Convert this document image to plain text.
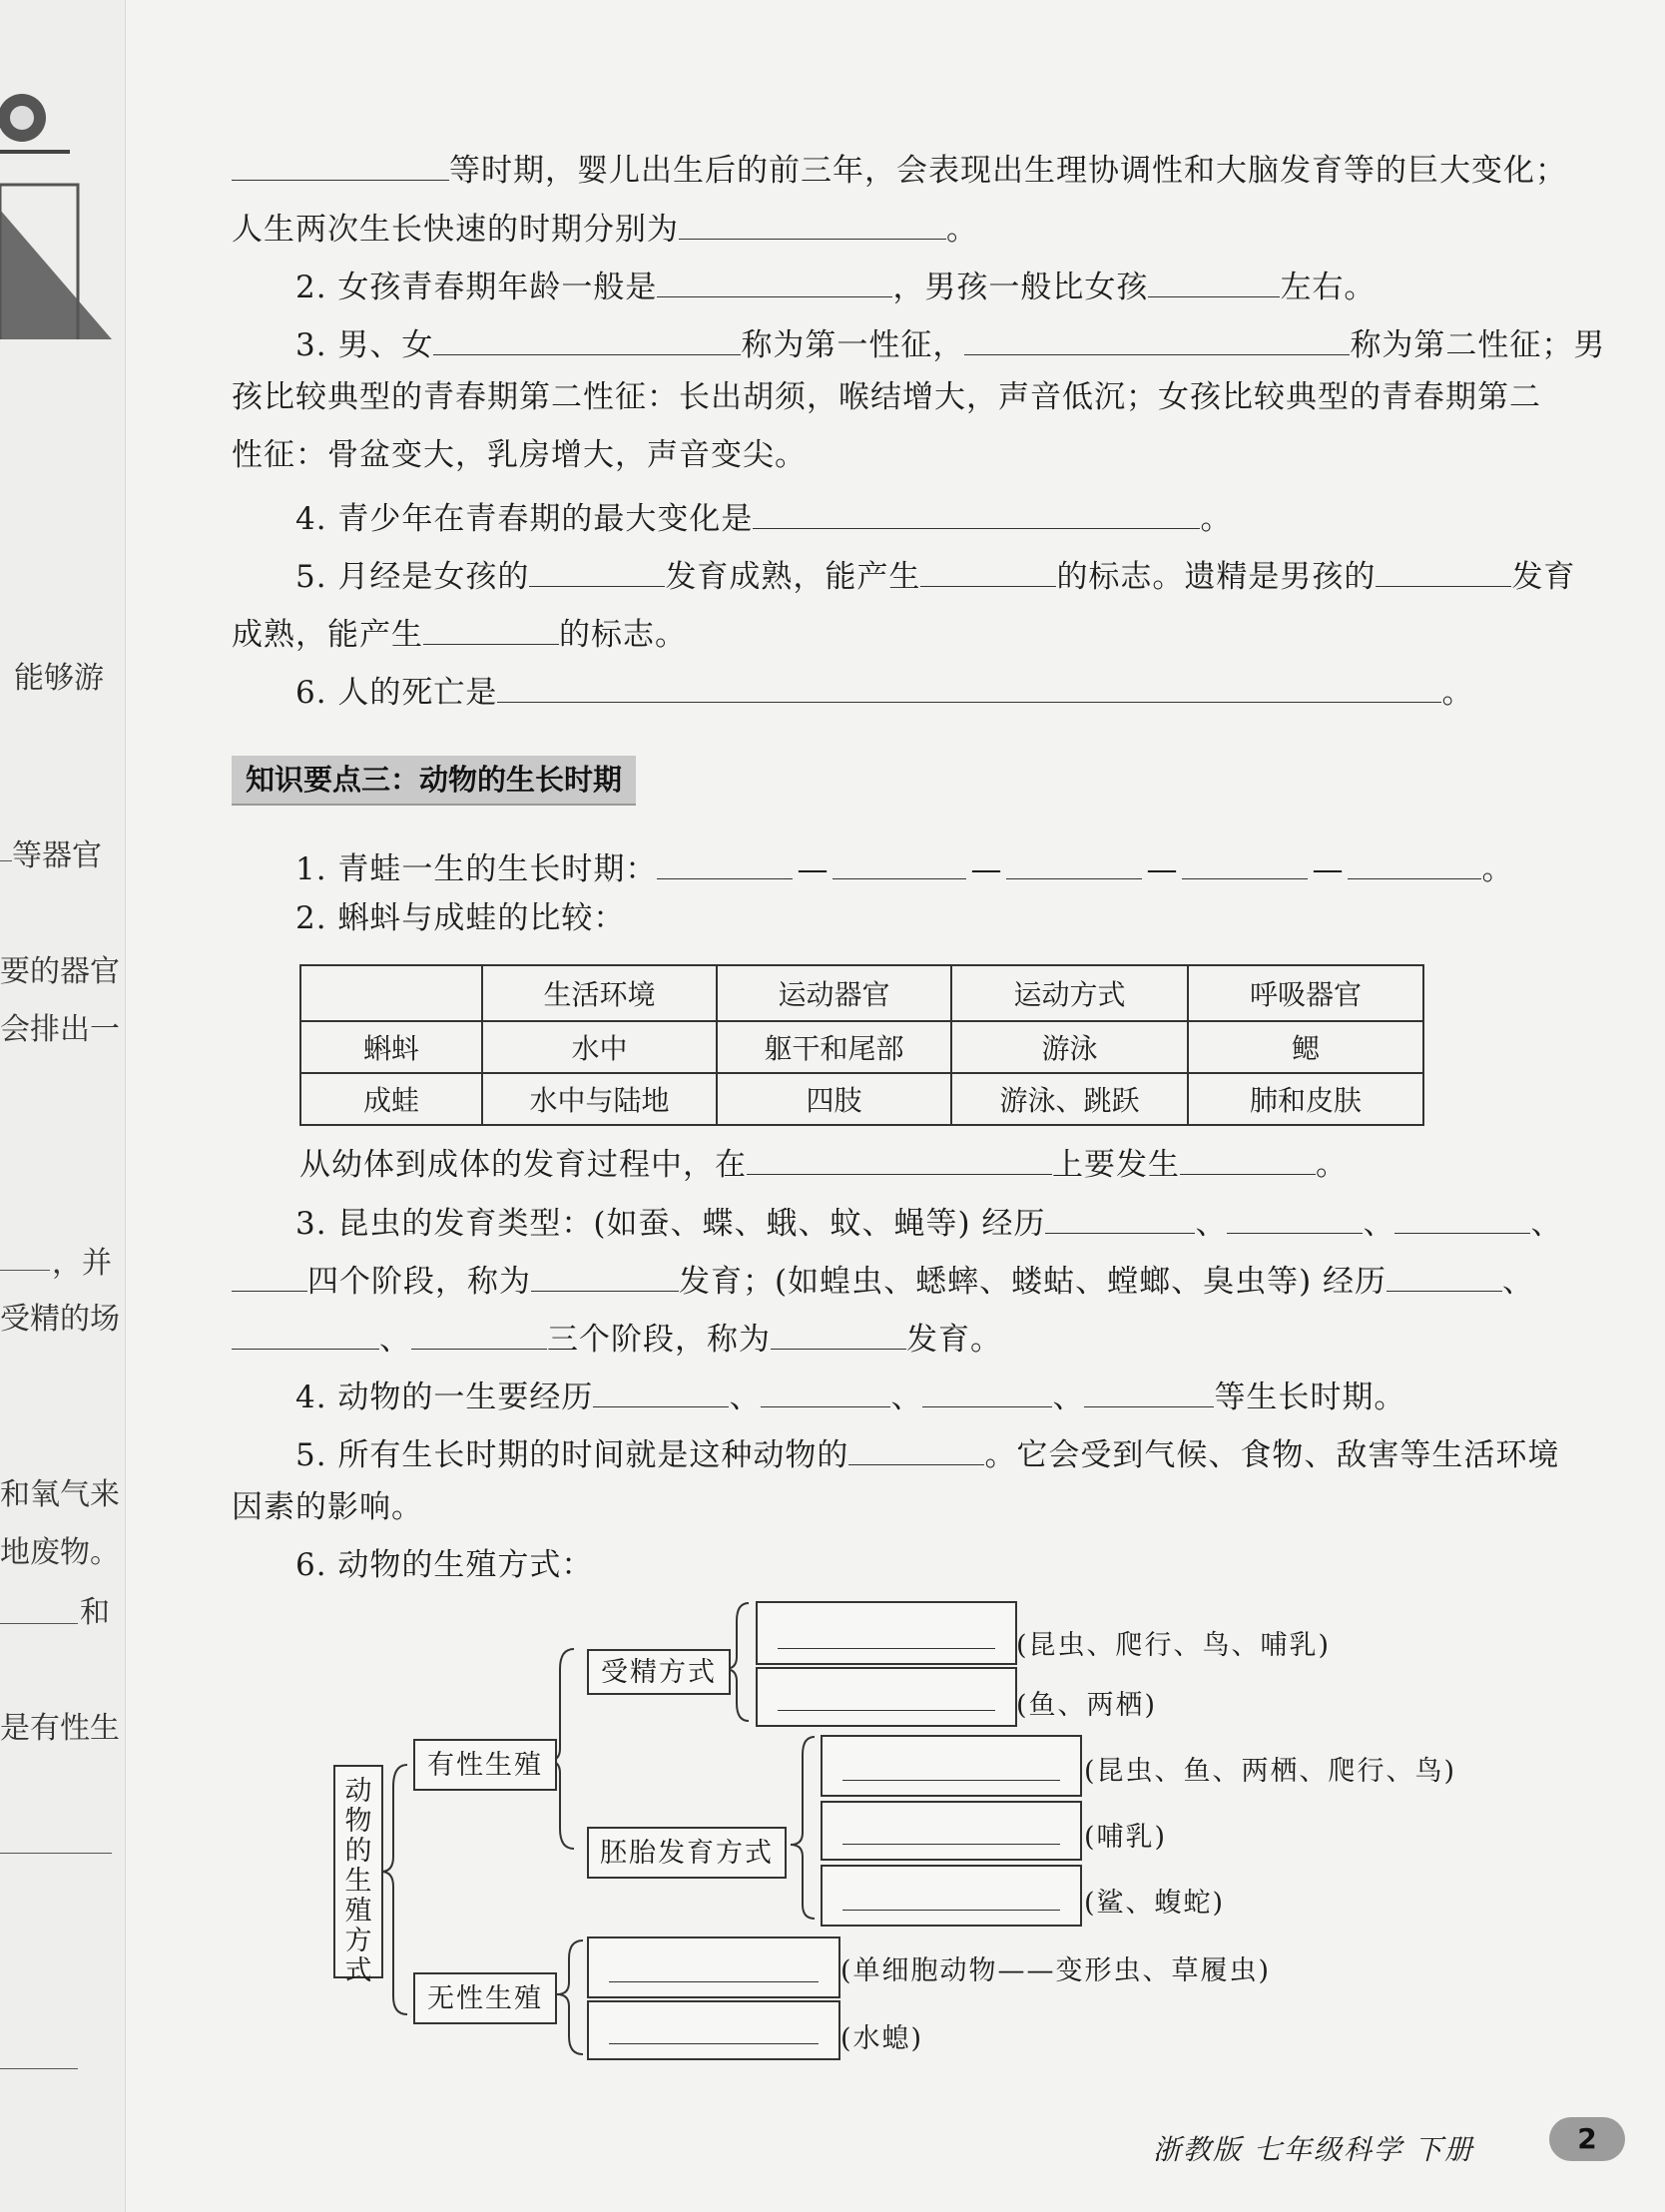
能够游
等器官
要的器官
会排出一
，并
受精的场
和氧气来
地废物。
和
是有性生
等时期，婴儿出生后的前三年，会表现出生理协调性和大脑发育等的巨大变化；
人生两次生长快速的时期分别为	。
2. 女孩青春期年龄一般是	，男孩一般比女孩	左右。
3. 男、女	称为第一性征，	称为第二性征；男
孩比较典型的青春期第二性征：长出胡须，喉结增大，声音低沉；女孩比较典型的青春期第二
性征：骨盆变大，乳房增大，声音变尖。
4. 青少年在青春期的最大变化是	。
5. 月经是女孩的	发育成熟，能产生	的标志。遗精是男孩的	发育
成熟，能产生	的标志。
6. 人的死亡是	。
知识要点三：动物的生长时期
1. 青蛙一生的生长时期：	—	—	—	—	。
2. 蝌蚪与成蛙的比较：
	生活环境	运动器官	运动方式	呼吸器官
蝌蚪	水中	躯干和尾部	游泳	鳃
成蛙	水中与陆地	四肢	游泳、跳跃	肺和皮肤
从幼体到成体的发育过程中，在	上要发生	。
3. 昆虫的发育类型：(如蚕、蝶、蛾、蚊、蝇等) 经历	、	、	、
四个阶段，称为	发育；(如蝗虫、蟋蟀、蝼蛄、螳螂、臭虫等) 经历	、
、	三个阶段，称为	发育。
4. 动物的一生要经历	、	、	、	等生长时期。
5. 所有生长时期的时间就是这种动物的	。它会受到气候、食物、敌害等生活环境
因素的影响。
6. 动物的生殖方式：
动物的生殖方式
有性生殖
无性生殖
受精方式
胚胎发育方式
(昆虫、爬行、鸟、哺乳)
(鱼、两栖)
(昆虫、鱼、两栖、爬行、鸟)
(哺乳)
(鲨、蝮蛇)
(单细胞动物——变形虫、草履虫)
(水螅)
浙教版 七年级科学 下册	2
